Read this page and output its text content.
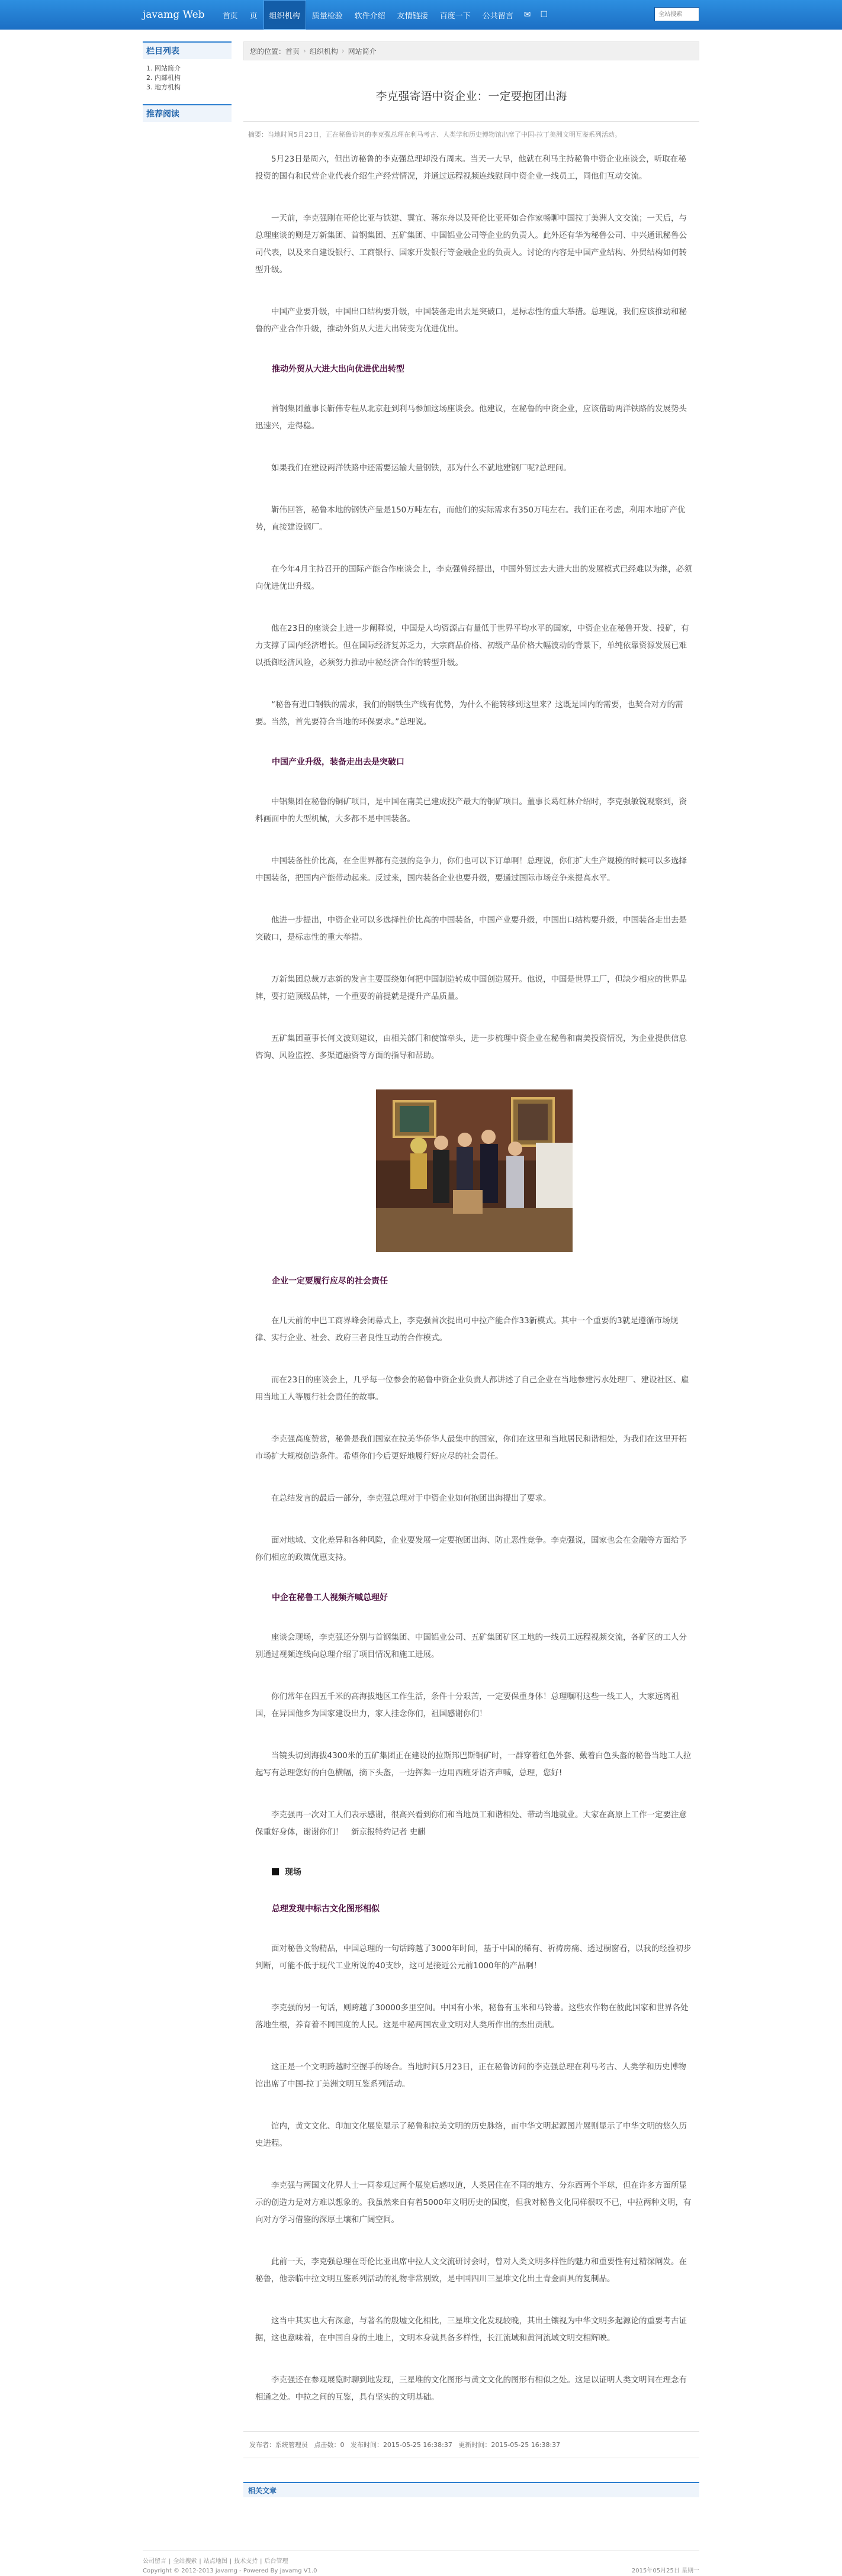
javamg Web	首页	页	组织机构	质量检验	软件介绍	友情链接	百度一下	公共留言	✉	☐
全站搜索
栏目列表
1. 网站简介
2. 内部机构
3. 地方机构
推荐阅读
您的位置： 首页 › 组织机构 › 网站简介
李克强寄语中资企业：一定要抱团出海
摘要：当地时间5月23日，正在秘鲁访问的李克强总理在利马考古、人类学和历史博物馆出席了中国-拉丁美洲文明互鉴系列活动。

5月23日是周六，但出访秘鲁的李克强总理却没有周末。当天一大早，他就在利马主持秘鲁中资企业座谈会，听取在秘投资的国有和民营企业代表介绍生产经营情况，并通过远程视频连线慰问中资企业一线员工，同他们互动交流。

一天前，李克强刚在哥伦比亚与铁建、冀宜、蒋东舟以及哥伦比亚哥如合作家畅聊中国拉丁美洲人文交流；一天后，与总理座谈的则是万新集团、首钢集团、五矿集团、中国铝业公司等企业的负责人。此外还有华为秘鲁公司、中兴通讯秘鲁公司代表，以及来自建设银行、工商银行、国家开发银行等金融企业的负责人。讨论的内容是中国产业结构、外贸结构如何转型升级。

中国产业要升级，中国出口结构要升级，中国装备走出去是突破口，是标志性的重大举措。总理说，我们应该推动和秘鲁的产业合作升级，推动外贸从大进大出转变为优进优出。

推动外贸从大进大出向优进优出转型

首钢集团董事长靳伟专程从北京赶到利马参加这场座谈会。他建议，在秘鲁的中资企业，应该借助两洋铁路的发展势头迅速兴，走得稳。

如果我们在建设两洋铁路中还需要运输大量钢铁，那为什么不就地建钢厂呢?总理问。

靳伟回答，秘鲁本地的钢铁产量是150万吨左右，而他们的实际需求有350万吨左右。我们正在考虑，利用本地矿产优势，直接建设钢厂。

在今年4月主持召开的国际产能合作座谈会上，李克强曾经提出，中国外贸过去大进大出的发展模式已经难以为继，必须向优进优出升级。

他在23日的座谈会上进一步阐释说，中国是人均资源占有量低于世界平均水平的国家，中资企业在秘鲁开发、投矿，有力支撑了国内经济增长。但在国际经济复苏乏力，大宗商品价格、初级产品价格大幅波动的背景下，单纯依靠资源发展已难以抵御经济风险，必须努力推动中秘经济合作的转型升级。

“秘鲁有进口钢铁的需求，我们的钢铁生产线有优势，为什么不能转移到这里来？这既是国内的需要，也契合对方的需要。当然，首先要符合当地的环保要求。”总理说。

中国产业升级，装备走出去是突破口

中铝集团在秘鲁的铜矿项目，是中国在南美已建成投产最大的铜矿项目。董事长葛红林介绍时，李克强敏锐观察到，资料画面中的大型机械，大多都不是中国装备。

中国装备性价比高，在全世界都有竞强的竞争力，你们也可以下订单啊！总理说，你们扩大生产规模的时候可以多选择中国装备，把国内产能带动起来。反过来，国内装备企业也要升级，要通过国际市场竞争来提高水平。

他进一步提出，中资企业可以多选择性价比高的中国装备，中国产业要升级，中国出口结构要升级，中国装备走出去是突破口，是标志性的重大举措。

万新集团总裁万志新的发言主要围绕如何把中国制造转成中国创造展开。他说，中国是世界工厂，但缺少相应的世界品牌，要打造顶级品牌，一个重要的前提就是提升产品质量。

五矿集团董事长何文波则建议，由相关部门和使馆牵头，进一步梳理中资企业在秘鲁和南美投资情况，为企业提供信息咨询、风险监控、多渠道融资等方面的指导和帮助。

企业一定要履行应尽的社会责任

在几天前的中巴工商界峰会闭幕式上，李克强首次提出可中拉产能合作33新模式。其中一个重要的3就是遵循市场规律、实行企业、社会、政府三者良性互动的合作模式。

而在23日的座谈会上，几乎每一位参会的秘鲁中资企业负责人都讲述了自己企业在当地参建污水处理厂、建设社区、雇用当地工人等履行社会责任的故事。

李克强高度赞赏，秘鲁是我们国家在拉美华侨华人最集中的国家，你们在这里和当地居民和谐相处，为我们在这里开拓市场扩大规模创造条件。希望你们今后更好地履行好应尽的社会责任。

在总结发言的最后一部分，李克强总理对于中资企业如何抱团出海提出了要求。

面对地域、文化差异和各种风险，企业要发展一定要抱团出海、防止恶性竞争。李克强说，国家也会在金融等方面给予你们相应的政策优惠支持。

中企在秘鲁工人视频齐喊总理好

座谈会现场，李克强还分别与首钢集团、中国铝业公司、五矿集团矿区工地的一线员工远程视频交流，各矿区的工人分别通过视频连线向总理介绍了项目情况和施工进展。

你们常年在四五千米的高海拔地区工作生活，条件十分艰苦，一定要保重身体！总理嘱咐这些一线工人，大家远离祖国，在异国他乡为国家建设出力，家人挂念你们，祖国感谢你们！

当镜头切到海拔4300米的五矿集团正在建设的拉斯邦巴斯铜矿时，一群穿着红色外套、戴着白色头盔的秘鲁当地工人拉起写有总理您好的白色横幅，摘下头盔，一边挥舞一边用西班牙语齐声喊，总理，您好!

李克强再一次对工人们表示感谢，很高兴看到你们和当地员工和谐相处、带动当地就业。大家在高原上工作一定要注意保重好身体，谢谢你们！　新京报特约记者 史麒

现场
总理发现中标古文化图形相似

面对秘鲁文物精品，中国总理的一句话跨越了3000年时间，基于中国的稀有、祈祷房痛、透过橱窗看，以我的经验初步判断，可能不低于现代工业所说的40支纱，这可是接近公元前1000年的产品啊！

李克强的另一句话，则跨越了30000多里空间。中国有小米，秘鲁有玉米和马铃薯。这些农作物在彼此国家和世界各处落地生根，养育着不同国度的人民。这是中秘两国农业文明对人类所作出的杰出贡献。

这正是一个文明跨越时空握手的场合。当地时间5月23日，正在秘鲁访问的李克强总理在利马考古、人类学和历史博物馆出席了中国-拉丁美洲文明互鉴系列活动。

馆内，黄文文化、印加文化展览显示了秘鲁和拉美文明的历史脉络，而中华文明起源图片展则显示了中华文明的悠久历史进程。

李克强与两国文化界人士一同参观过两个展览后感叹道，人类居住在不同的地方、分东西两个半球，但在许多方面所显示的创造力是对方难以想象的。我虽然来自有着5000年文明历史的国度，但我对秘鲁文化同样很叹不已，中拉两种文明，有向对方学习借鉴的深厚土壤和广阔空间。

此前一天，李克强总理在哥伦比亚出席中拉人文交流研讨会时，曾对人类文明多样性的魅力和重要性有过精深阐发。在秘鲁，他亲临中拉文明互鉴系列活动的礼物非常别致，是中国四川三星堆文化出土青金面具的复制品。

这当中其实也大有深意，与著名的殷墟文化相比，三星堆文化发现较晚，其出土镶视为中华文明多起源论的重要考古证据，这也意味着，在中国自身的土地上，文明本身就具备多样性，长江流域和黄河流域文明交相辉映。

李克强还在参观展览时聊到地发现，三星堆的文化图形与黄文文化的图形有相似之处。这足以证明人类文明间在理念有相通之处。中拉之间的互鉴，具有坚实的文明基础。

发布者：系统管理员 点击数：0 发布时间：2015-05-25 16:38:37 更新时间：2015-05-25 16:38:37
相关文章
公司留言 | 全站搜索 | 站点地图 | 技术支持 | 后台管理
Copyright © 2012-2013 javamg - Powered By javamg V1.0	2015年05月25日 星期一
